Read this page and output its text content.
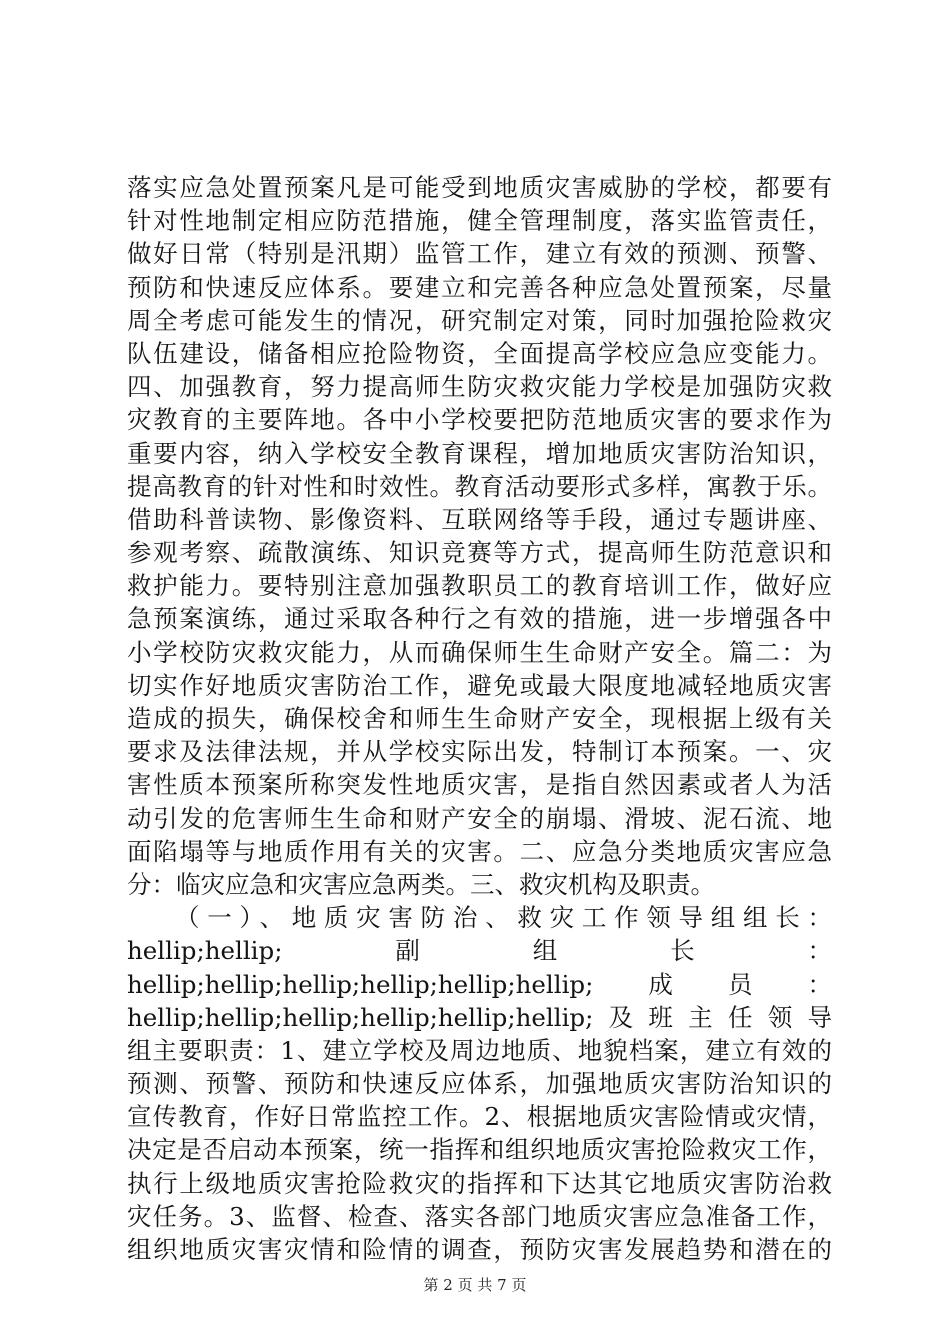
落实应急处置预案凡是可能受到地质灾害威胁的学校，都要有
针对性地制定相应防范措施，健全管理制度，落实监管责任，
做好日常（特别是汛期）监管工作，建立有效的预测、预警、
预防和快速反应体系。要建立和完善各种应急处置预案，尽量
周全考虑可能发生的情况，研究制定对策，同时加强抢险救灾
队伍建设，储备相应抢险物资，全面提高学校应急应变能力。
四、加强教育，努力提高师生防灾救灾能力学校是加强防灾救
灾教育的主要阵地。各中小学校要把防范地质灾害的要求作为
重要内容，纳入学校安全教育课程，增加地质灾害防治知识，
提高教育的针对性和时效性。教育活动要形式多样，寓教于乐。
借助科普读物、影像资料、互联网络等手段，通过专题讲座、
参观考察、疏散演练、知识竞赛等方式，提高师生防范意识和
救护能力。要特别注意加强教职员工的教育培训工作，做好应
急预案演练，通过采取各种行之有效的措施，进一步增强各中
小学校防灾救灾能力，从而确保师生生命财产安全。篇二：为
切实作好地质灾害防治工作，避免或最大限度地减轻地质灾害
造成的损失，确保校舍和师生生命财产安全，现根据上级有关
要求及法律法规，并从学校实际出发，特制订本预案。一、灾
害性质本预案所称突发性地质灾害，是指自然因素或者人为活
动引发的危害师生生命和财产安全的崩塌、滑坡、泥石流、地
面陷塌等与地质作用有关的灾害。二、应急分类地质灾害应急
分：临灾应急和灾害应急两类。三、救灾机构及职责。
（一）、地质灾害防治、救灾工作领导组组长：
hellip;hellip;　　副　　组　　长　　：
hellip;hellip;hellip;hellip;hellip;hellip;　成　员　：
hellip;hellip;hellip;hellip;hellip;hellip;及班主任领导
组主要职责：1、建立学校及周边地质、地貌档案，建立有效的
预测、预警、预防和快速反应体系，加强地质灾害防治知识的
宣传教育，作好日常监控工作。2、根据地质灾害险情或灾情，
决定是否启动本预案，统一指挥和组织地质灾害抢险救灾工作，
执行上级地质灾害抢险救灾的指挥和下达其它地质灾害防治救
灾任务。3、监督、检查、落实各部门地质灾害应急准备工作，
组织地质灾害灾情和险情的调查，预防灾害发展趋势和潜在的
第 2 页 共 7 页
